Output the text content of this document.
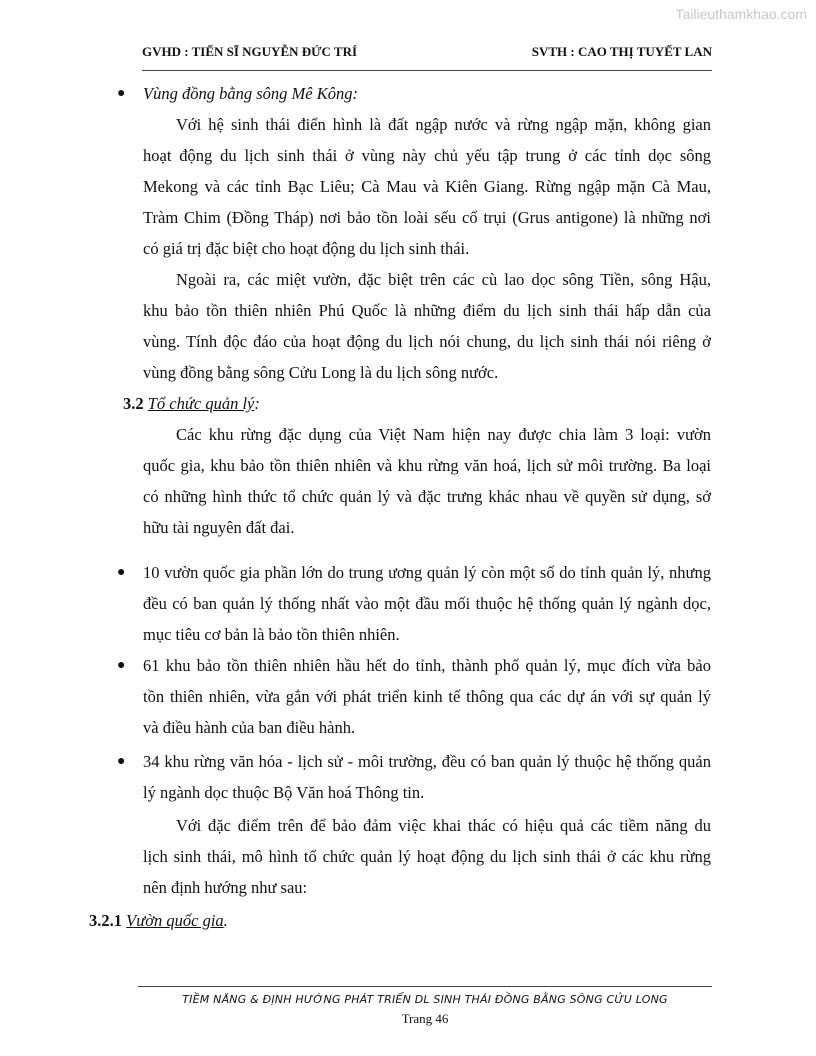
Tailieuthamkhao.com
GVHD : TIẾN SĨ NGUYỄN ĐỨC TRÍ	SVTH : CAO THỊ TUYẾT LAN
● Vùng đồng bằng sông Mê Kông:
Với hệ sinh thái điển hình là đất ngập nước và rừng ngập mặn, không gian
hoạt động du lịch sinh thái ở vùng này chủ yếu tập trung ở các tỉnh dọc sông
Mekong và các tỉnh Bạc Liêu; Cà Mau và Kiên Giang. Rừng ngập mặn Cà Mau,
Tràm Chim (Đồng Tháp) nơi bảo tồn loài sếu cổ trụi (Grus antigone) là những nơi
có giá trị đặc biệt cho hoạt động du lịch sinh thái.
Ngoài ra, các miệt vườn, đặc biệt trên các cù lao dọc sông Tiền, sông Hậu,
khu bảo tồn thiên nhiên Phú Quốc là những điểm du lịch sinh thái hấp dẫn của
vùng. Tính độc đáo của hoạt động du lịch nói chung, du lịch sinh thái nói riêng ở
vùng đồng bằng sông Cửu Long là du lịch sông nước.
3.2 Tổ chức quản lý:
Các khu rừng đặc dụng của Việt Nam hiện nay được chia làm 3 loại: vườn
quốc gia, khu bảo tồn thiên nhiên và khu rừng văn hoá, lịch sử môi trường. Ba loại
có những hình thức tổ chức quản lý và đặc trưng khác nhau về quyền sử dụng, sở
hữu tài nguyên đất đai.
● 10 vườn quốc gia phần lớn do trung ương quản lý còn một số do tỉnh quản lý, nhưng
đều có ban quản lý thống nhất vào một đầu mối thuộc hệ thống quản lý ngành dọc,
mục tiêu cơ bản là bảo tồn thiên nhiên.
● 61 khu bảo tồn thiên nhiên hầu hết do tỉnh, thành phố quản lý, mục đích vừa bảo
tồn thiên nhiên, vừa gắn với phát triển kinh tế thông qua các dự án với sự quản lý
và điều hành của ban điều hành.
● 34 khu rừng văn hóa - lịch sử - môi trường, đều có ban quản lý thuộc hệ thống quản
lý ngành dọc thuộc Bộ Văn hoá Thông tin.
Với đặc điểm trên để bảo đảm việc khai thác có hiệu quả các tiềm năng du
lịch sinh thái, mô hình tổ chức quản lý hoạt động du lịch sinh thái ở các khu rừng
nên định hướng như sau:
3.2.1 Vườn quốc gia.
TIỀM NĂNG & ĐỊNH HƯỚNG PHÁT TRIỂN DL SINH THÁI ĐỒNG BẰNG SÔNG CỬU LONG
Trang 46
